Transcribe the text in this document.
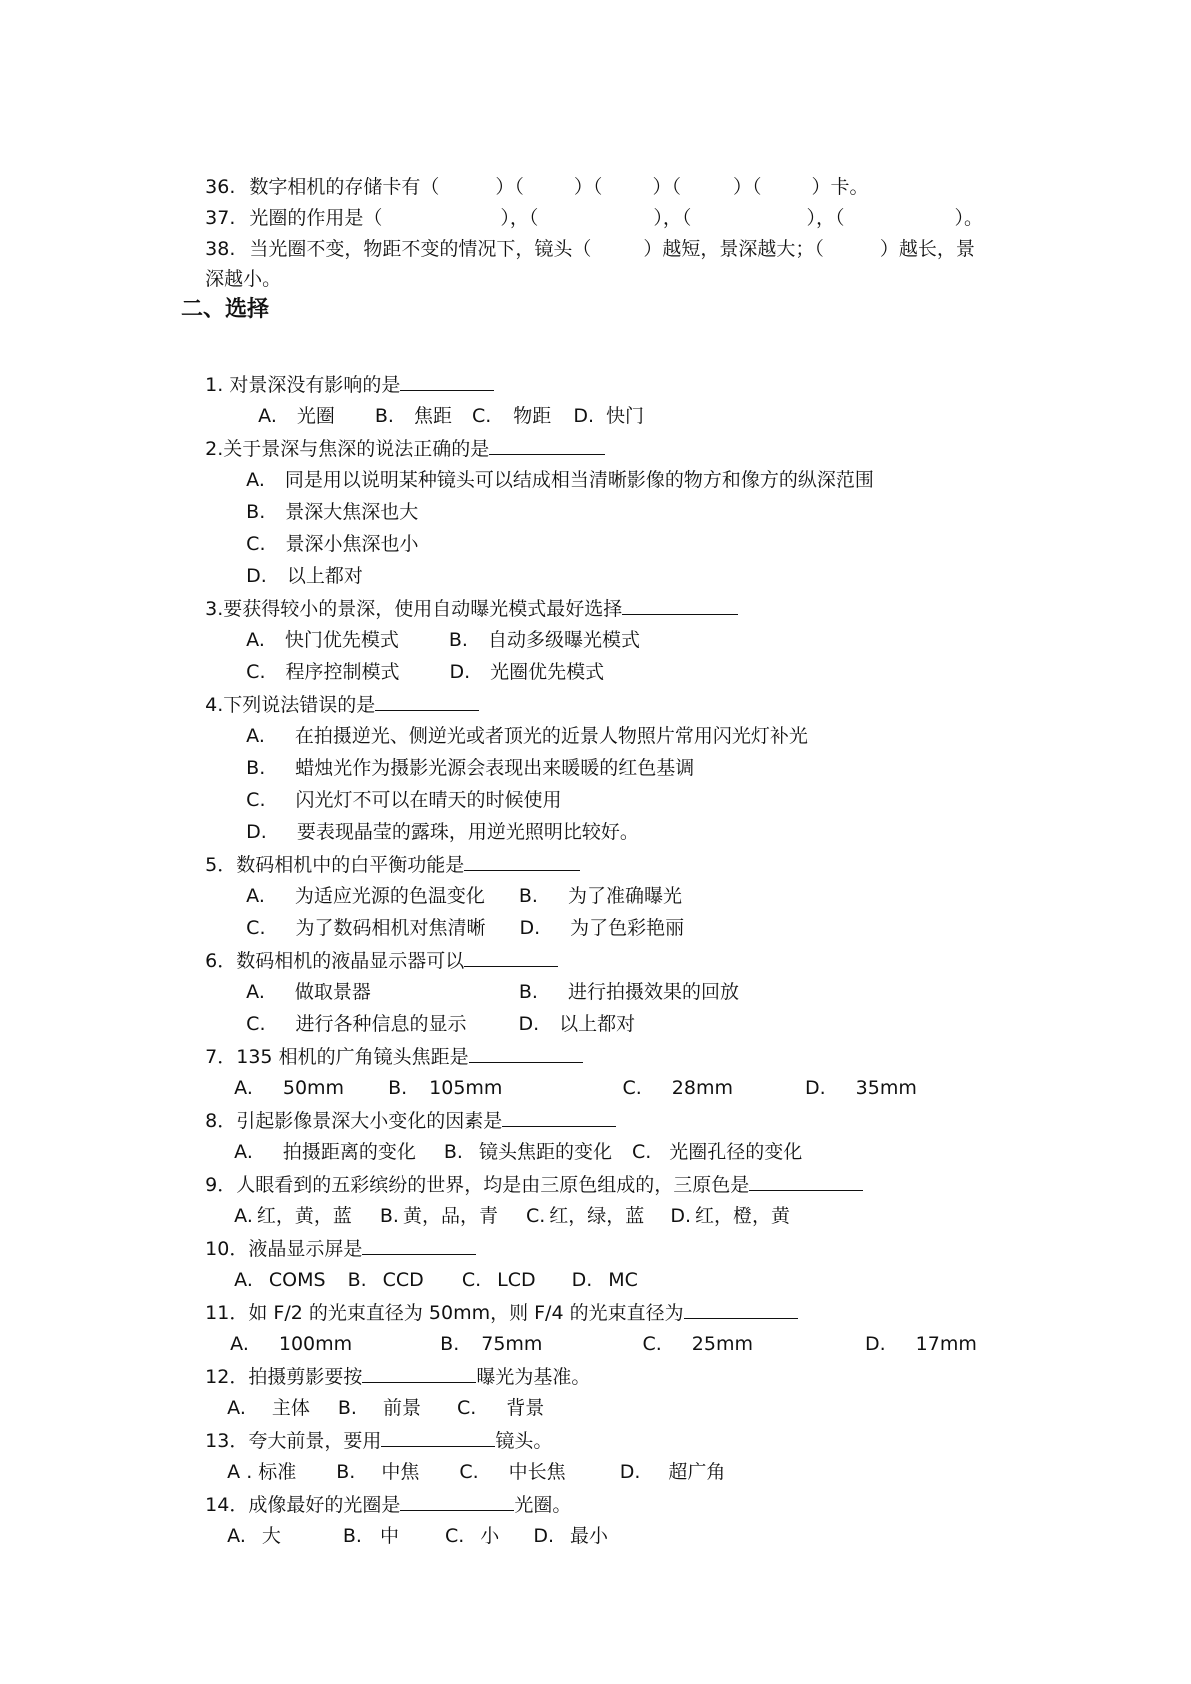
36. 数字相机的存储卡有（	）（	）（	）（	）（	）卡。

37. 光圈的作用是（	），（	），（	），（	）。

38. 当光圈不变，物距不变的情况下，镜头（	）越短，景深越大；（	）越长，景

深越小。

二、选择

1. 对景深没有影响的是

A. 光圈 B. 焦距 C. 物距 D. 快门

2.关于景深与焦深的说法正确的是

A. 同是用以说明某种镜头可以结成相当清晰影像的物方和像方的纵深范围

B. 景深大焦深也大

C. 景深小焦深也小

D. 以上都对

3.要获得较小的景深，使用自动曝光模式最好选择

A. 快门优先模式	B. 自动多级曝光模式

C. 程序控制模式	D. 光圈优先模式

4.下列说法错误的是

A. 在拍摄逆光、侧逆光或者顶光的近景人物照片常用闪光灯补光

B. 蜡烛光作为摄影光源会表现出来暖暖的红色基调

C. 闪光灯不可以在晴天的时候使用

D. 要表现晶莹的露珠，用逆光照明比较好。

5．数码相机中的白平衡功能是

A. 为适应光源的色温变化 B. 为了准确曝光

C. 为了数码相机对焦清晰 D. 为了色彩艳丽

6．数码相机的液晶显示器可以

A. 做取景器	B. 进行拍摄效果的回放

C. 进行各种信息的显示	D. 以上都对

7．135 相机的广角镜头焦距是

A. 50mm B. 105mm	C. 28mm	D. 35mm

8．引起影像景深大小变化的因素是

A. 拍摄距离的变化 B. 镜头焦距的变化 C. 光圈孔径的变化

9．人眼看到的五彩缤纷的世界，均是由三原色组成的，三原色是

A. 红，黄，蓝 B. 黄，品，青 C. 红，绿，蓝 D. 红，橙，黄

10．液晶显示屏是

A. COMS B. CCD C. LCD D. MC

11．如 F/2 的光束直径为 50mm，则 F/4 的光束直径为

A. 100mm	B. 75mm	C. 25mm	D. 17mm

12．拍摄剪影要按	曝光为基准。

A. 主体 B. 前景 C. 背景

13．夸大前景，要用	镜头。

A . 标准 B. 中焦 C. 中长焦	D. 超广角

14．成像最好的光圈是	光圈。

A. 大	B. 中 C. 小 D. 最小
